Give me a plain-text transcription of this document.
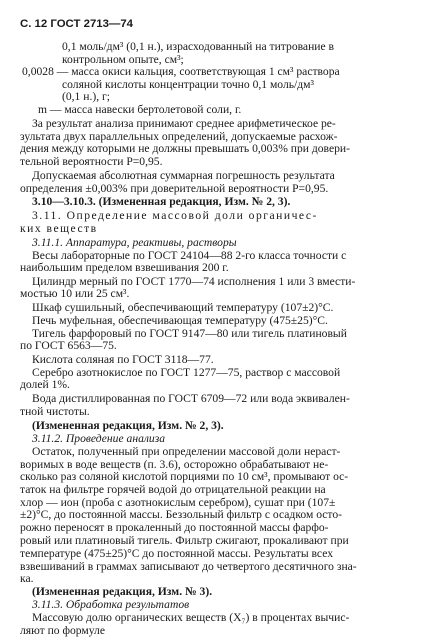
С. 12 ГОСТ 2713—74
0,1 моль/дм³ (0,1 н.), израсходованный на титрование в
контрольном опыте, см³;
0,0028 — масса окиси кальция, соответствующая 1 см³ раствора
соляной кислоты концентрации точно 0,1 моль/дм³
(0,1 н.), г;
m — масса навески бертолетовой соли, г.
За результат анализа принимают среднее арифметическое ре-
зультата двух параллельных определений, допускаемые расхож-
дения между которыми не должны превышать 0,003% при довери-
тельной вероятности P=0,95.
Допускаемая абсолютная суммарная погрешность результата
определения ±0,003% при доверительной вероятности P=0,95.
3.10—3.10.3. (Измененная редакция, Изм. № 2, 3).
3.11. Определение массовой доли органичес-
ких веществ
3.11.1. Аппаратура, реактивы, растворы
Весы лабораторные по ГОСТ 24104—88 2-го класса точности с
наибольшим пределом взвешивания 200 г.
Цилиндр мерный по ГОСТ 1770—74 исполнения 1 или 3 вмести-
мостью 10 или 25 см³.
Шкаф сушильный, обеспечивающий температуру (107±2)°С.
Печь муфельная, обеспечивающая температуру (475±25)°С.
Тигель фарфоровый по ГОСТ 9147—80 или тигель платиновый
по ГОСТ 6563—75.
Кислота соляная по ГОСТ 3118—77.
Серебро азотнокислое по ГОСТ 1277—75, раствор с массовой
долей 1%.
Вода дистиллированная по ГОСТ 6709—72 или вода эквивален-
тной чистоты.
(Измененная редакция, Изм. № 2, 3).
3.11.2. Проведение анализа
Остаток, полученный при определении массовой доли нераст-
воримых в воде веществ (п. 3.6), осторожно обрабатывают не-
сколько раз соляной кислотой порциями по 10 см³, промывают ос-
таток на фильтре горячей водой до отрицательной реакции на
хлор — ион (проба с азотнокислым серебром), сушат при (107±
±2)°С, до постоянной массы. Беззольный фильтр с осадком осто-
рожно переносят в прокаленный до постоянной массы фарфо-
ровый или платиновый тигель. Фильтр сжигают, прокаливают при
температуре (475±25)°С до постоянной массы. Результаты всех
взвешиваний в граммах записывают до четвертого десятичного зна-
ка.
(Измененная редакция, Изм. № 3).
3.11.3. Обработка результатов
Массовую долю органических веществ (X₇) в процентах вычис-
ляют по формуле
